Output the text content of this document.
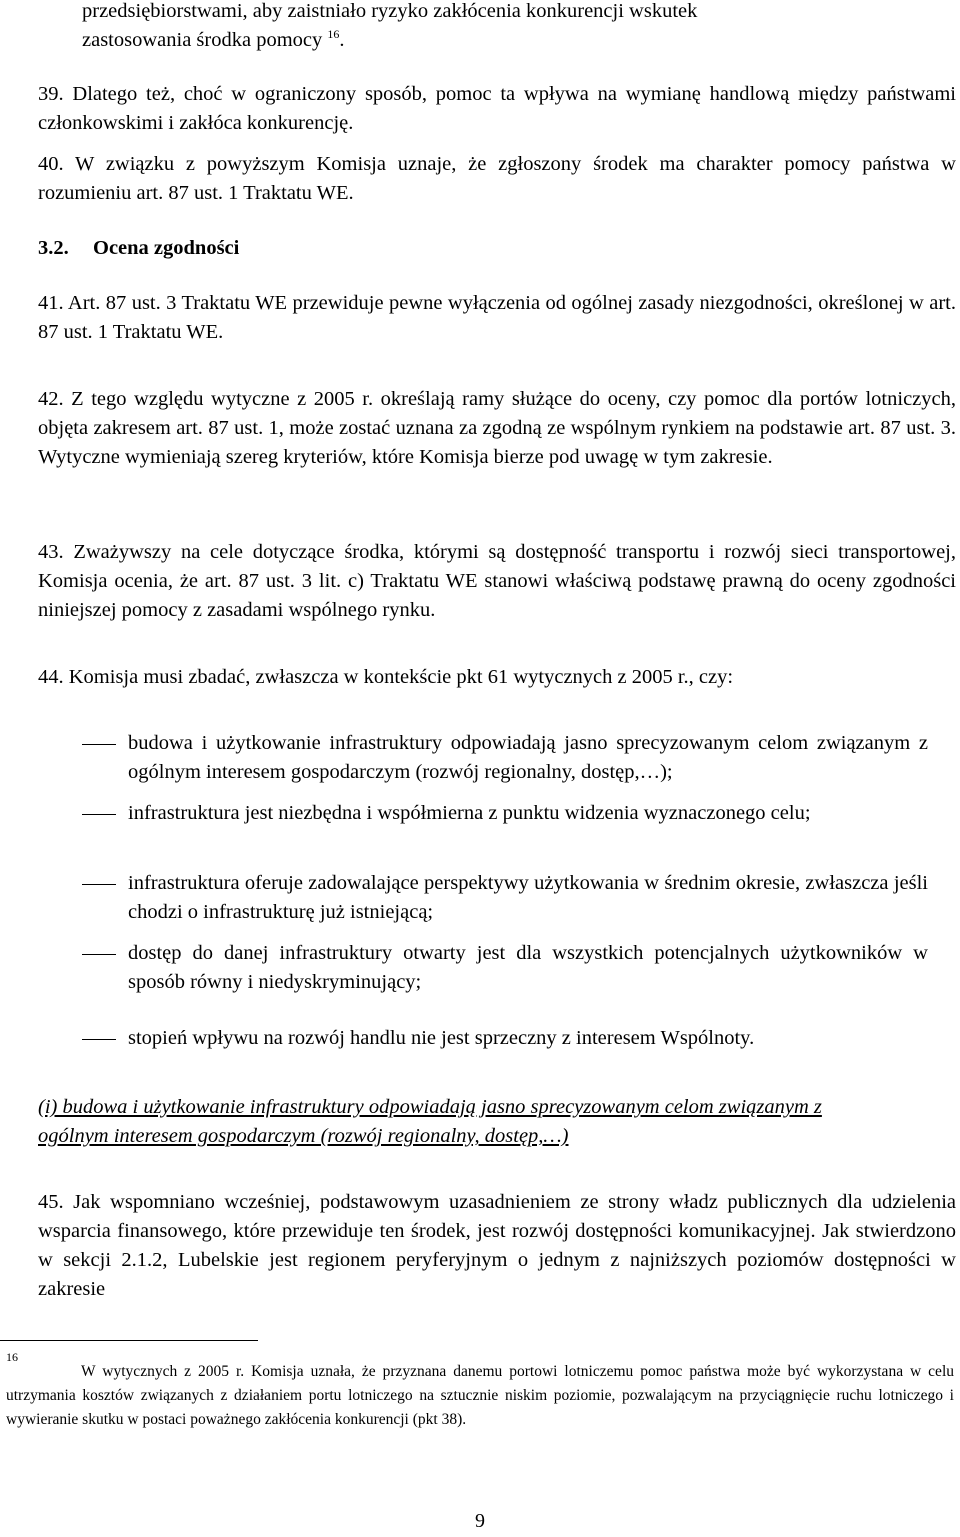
przedsiębiorstwami, aby zaistniało ryzyko zakłócenia konkurencji wskutek
zastosowania środka pomocy $^{16}$.
39. Dlatego też, choć w ograniczony sposób, pomoc ta wpływa na wymianę handlową między państwami członkowskimi i zakłóca konkurencję.
40. W związku z powyższym Komisja uznaje, że zgłoszony środek ma charakter pomocy państwa w rozumieniu art. 87 ust. 1 Traktatu WE.
3.2. Ocena zgodności
41. Art. 87 ust. 3 Traktatu WE przewiduje pewne wyłączenia od ogólnej zasady niezgodności, określonej w art. 87 ust. 1 Traktatu WE.
42. Z tego względu wytyczne z 2005 r. określają ramy służące do oceny, czy pomoc dla portów lotniczych, objęta zakresem art. 87 ust. 1, może zostać uznana za zgodną ze wspólnym rynkiem na podstawie art. 87 ust. 3. Wytyczne wymieniają szereg kryteriów, które Komisja bierze pod uwagę w tym zakresie.
43. Zważywszy na cele dotyczące środka, którymi są dostępność transportu i rozwój sieci transportowej, Komisja ocenia, że art. 87 ust. 3 lit. c) Traktatu WE stanowi właściwą podstawę prawną do oceny zgodności niniejszej pomocy z zasadami wspólnego rynku.
44. Komisja musi zbadać, zwłaszcza w kontekście pkt 61 wytycznych z 2005 r., czy:
budowa i użytkowanie infrastruktury odpowiadają jasno sprecyzowanym celom związanym z ogólnym interesem gospodarczym (rozwój regionalny, dostęp,…);
infrastruktura jest niezbędna i współmierna z punktu widzenia wyznaczonego celu;
infrastruktura oferuje zadowalające perspektywy użytkowania w średnim okresie, zwłaszcza jeśli chodzi o infrastrukturę już istniejącą;
dostęp do danej infrastruktury otwarty jest dla wszystkich potencjalnych użytkowników w sposób równy i niedyskryminujący;
stopień wpływu na rozwój handlu nie jest sprzeczny z interesem Wspólnoty.
(i) budowa i użytkowanie infrastruktury odpowiadają jasno sprecyzowanym celom związanym z ogólnym interesem gospodarczym (rozwój regionalny, dostęp,…)
45. Jak wspomniano wcześniej, podstawowym uzasadnieniem ze strony władz publicznych dla udzielenia wsparcia finansowego, które przewiduje ten środek, jest rozwój dostępności komunikacyjnej. Jak stwierdzono w sekcji 2.1.2, Lubelskie jest regionem peryferyjnym o jednym z najniższych poziomów dostępności w zakresie
16
W wytycznych z 2005 r. Komisja uznała, że przyznana danemu portowi lotniczemu pomoc państwa może być wykorzystana w celu utrzymania kosztów związanych z działaniem portu lotniczego na sztucznie niskim poziomie, pozwalającym na przyciągnięcie ruchu lotniczego i wywieranie skutku w postaci poważnego zakłócenia konkurencji (pkt 38).
9
